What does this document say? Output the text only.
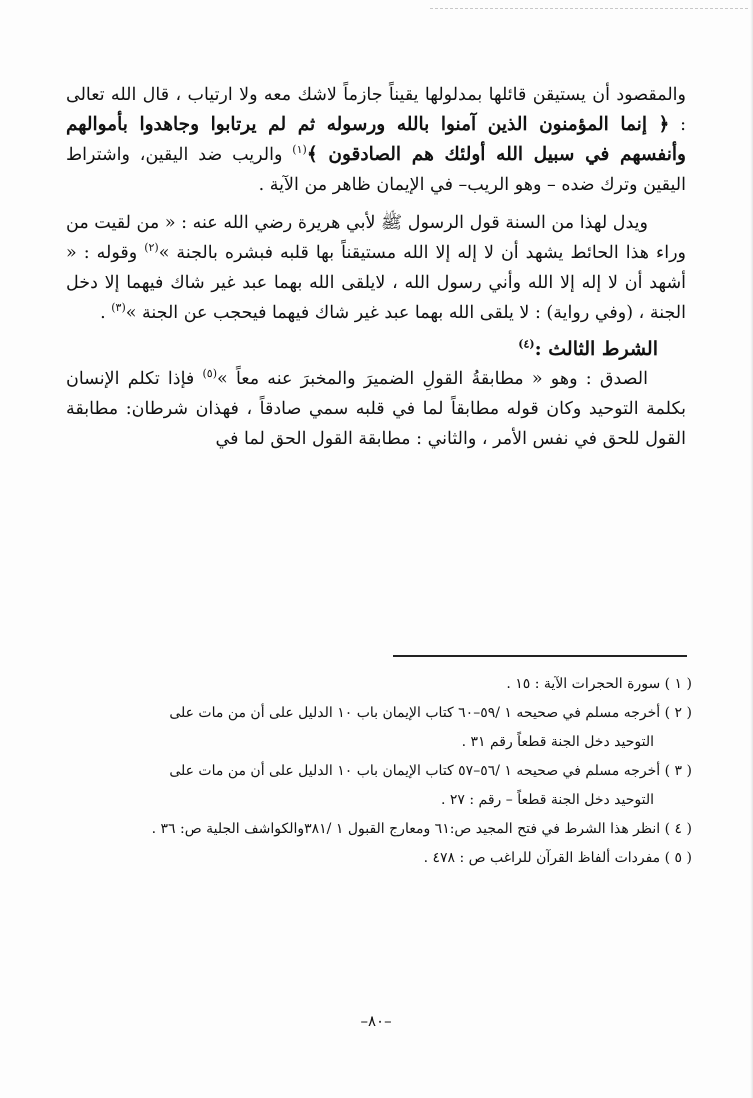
والمقصود أن يستيقن قائلها بمدلولها يقيناً جازماً لاشك معه ولا ارتياب ، قال الله تعالى : ﴿ إنما المؤمنون الذين آمنوا بالله ورسوله ثم لم يرتابوا وجاهدوا بأموالهم وأنفسهم في سبيل الله أولئك هم الصادقون ﴾$^{(١)}$ والريب ضد اليقين، واشتراط اليقين وترك ضده – وهو الريب– في الإيمان ظاهر من الآية .

ويدل لهذا من السنة قول الرسول ﷺ لأبي هريرة رضي الله عنه : « من لقيت من وراء هذا الحائط يشهد أن لا إله إلا الله مستيقناً بها قلبه فبشره بالجنة »$^{(٢)}$ وقوله : « أشهد أن لا إله إلا الله وأني رسول الله ، لايلقى الله بهما عبد غير شاك فيهما إلا دخل الجنة ، (وفي رواية) : لا يلقى الله بهما عبد غير شاك فيهما فيحجب عن الجنة »$^{(٣)}$ .

الشرط الثالث :$^{(٤)}$

الصدق : وهو « مطابقةُ القولِ الضميرَ والمخبرَ عنه معاً »$^{(٥)}$ فإذا تكلم الإنسان بكلمة التوحيد وكان قوله مطابقاً لما في قلبه سمي صادقاً ، فهذان شرطان: مطابقة القول للحق في نفس الأمر ، والثاني : مطابقة القول الحق لما في

( ١ ) سورة الحجرات الآية : ١٥ .

( ٢ ) أخرجه مسلم في صحيحه ١ /٥٩–٦٠ كتاب الإيمان باب ١٠ الدليل على أن من مات على

التوحيد دخل الجنة قطعاً رقم ٣١ .

( ٣ ) أخرجه مسلم في صحيحه ١ /٥٦–٥٧ كتاب الإيمان باب ١٠ الدليل على أن من مات على

التوحيد دخل الجنة قطعاً – رقم : ٢٧ .

( ٤ ) انظر هذا الشرط في فتح المجيد ص:٦١ ومعارج القبول ١ /٣٨١والكواشف الجلية ص: ٣٦ .

( ٥ ) مفردات ألفاظ القرآن للراغب ص : ٤٧٨ .

–٨٠–
